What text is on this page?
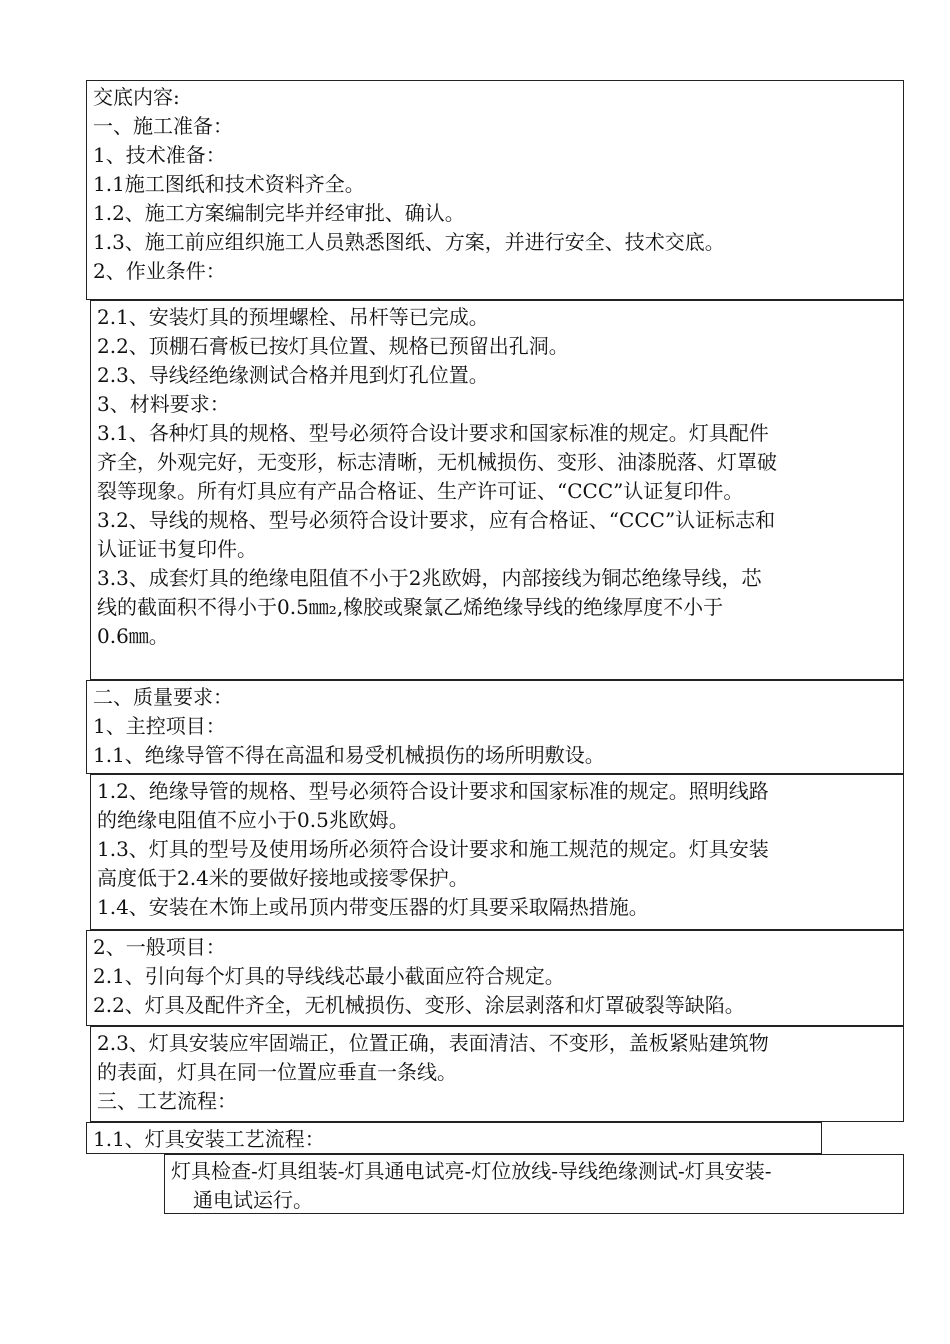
交底内容:
一、施工准备：
1、技术准备：
1.1施工图纸和技术资料齐全。
1.2、施工方案编制完毕并经审批、确认。
1.3、施工前应组织施工人员熟悉图纸、方案，并进行安全、技术交底。
2、作业条件：
2.1、安装灯具的预埋螺栓、吊杆等已完成。
2.2、顶棚石膏板已按灯具位置、规格已预留出孔洞。
2.3、导线经绝缘测试合格并甩到灯孔位置。
3、材料要求：
3.1、各种灯具的规格、型号必须符合设计要求和国家标准的规定。灯具配件
齐全，外观完好，无变形，标志清晰，无机械损伤、变形、油漆脱落、灯罩破
裂等现象。所有灯具应有产品合格证、生产许可证、“CCC”认证复印件。
3.2、导线的规格、型号必须符合设计要求，应有合格证、“CCC”认证标志和
认证证书复印件。
3.3、成套灯具的绝缘电阻值不小于2兆欧姆，内部接线为铜芯绝缘导线，芯
线的截面积不得小于0.5㎜₂,橡胶或聚氯乙烯绝缘导线的绝缘厚度不小于
0.6㎜。
二、质量要求：
1、主控项目：
1.1、绝缘导管不得在高温和易受机械损伤的场所明敷设。
1.2、绝缘导管的规格、型号必须符合设计要求和国家标准的规定。照明线路
的绝缘电阻值不应小于0.5兆欧姆。
1.3、灯具的型号及使用场所必须符合设计要求和施工规范的规定。灯具安装
高度低于2.4米的要做好接地或接零保护。
1.4、安装在木饰上或吊顶内带变压器的灯具要采取隔热措施。
2、一般项目：
2.1、引向每个灯具的导线线芯最小截面应符合规定。
2.2、灯具及配件齐全，无机械损伤、变形、涂层剥落和灯罩破裂等缺陷。
2.3、灯具安装应牢固端正，位置正确，表面清洁、不变形，盖板紧贴建筑物
的表面，灯具在同一位置应垂直一条线。
三、工艺流程：
1.1、灯具安装工艺流程：
灯具检查-灯具组装-灯具通电试亮-灯位放线-导线绝缘测试-灯具安装-
通电试运行。
